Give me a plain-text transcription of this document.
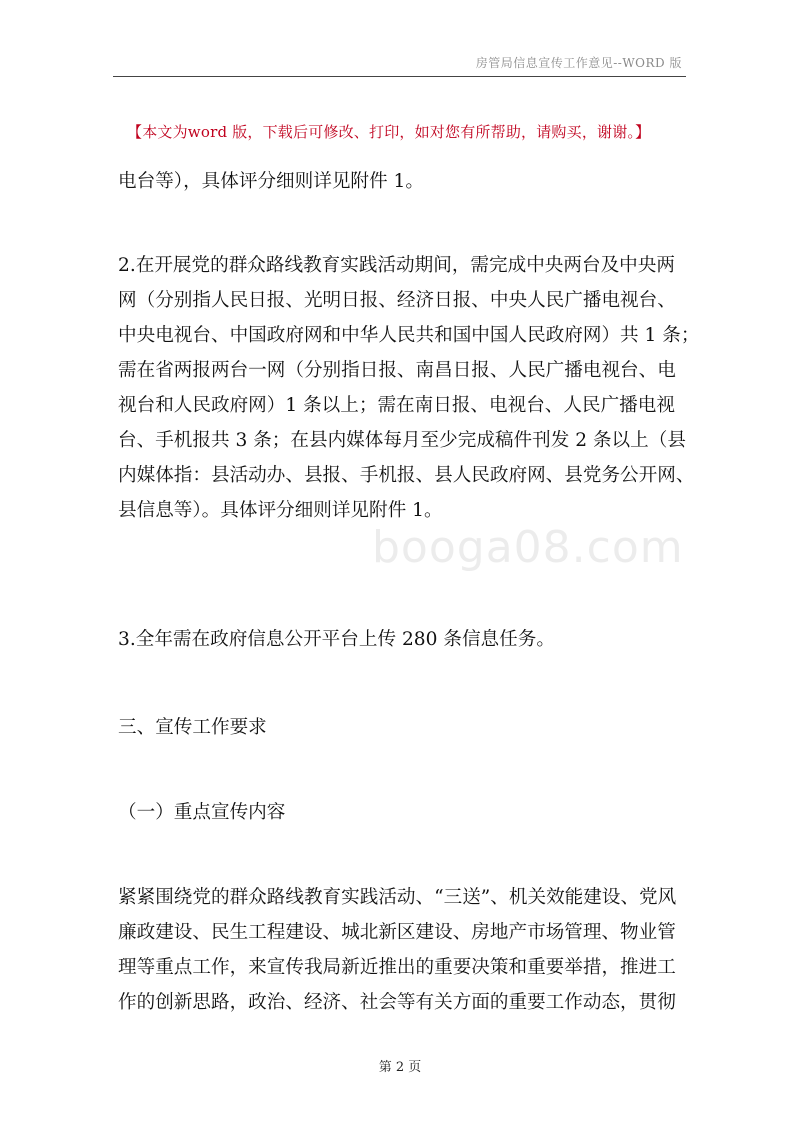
房管局信息宣传工作意见--WORD 版
【本文为word 版，下载后可修改、打印，如对您有所帮助，请购买，谢谢。】
电台等），具体评分细则详见附件 1。
2.在开展党的群众路线教育实践活动期间，需完成中央两台及中央两
网（分别指人民日报、光明日报、经济日报、中央人民广播电视台、
中央电视台、中国政府网和中华人民共和国中国人民政府网）共 1 条；
需在省两报两台一网（分别指日报、南昌日报、人民广播电视台、电
视台和人民政府网）1 条以上；需在南日报、电视台、人民广播电视
台、手机报共 3 条；在县内媒体每月至少完成稿件刊发 2 条以上（县
内媒体指：县活动办、县报、手机报、县人民政府网、县党务公开网、
县信息等）。具体评分细则详见附件 1。
3.全年需在政府信息公开平台上传 280 条信息任务。
三、宣传工作要求
（一）重点宣传内容
紧紧围绕党的群众路线教育实践活动、“三送”、机关效能建设、党风
廉政建设、民生工程建设、城北新区建设、房地产市场管理、物业管
理等重点工作，来宣传我局新近推出的重要决策和重要举措，推进工
作的创新思路，政治、经济、社会等有关方面的重要工作动态，贯彻
booga08.com
第 2 页
